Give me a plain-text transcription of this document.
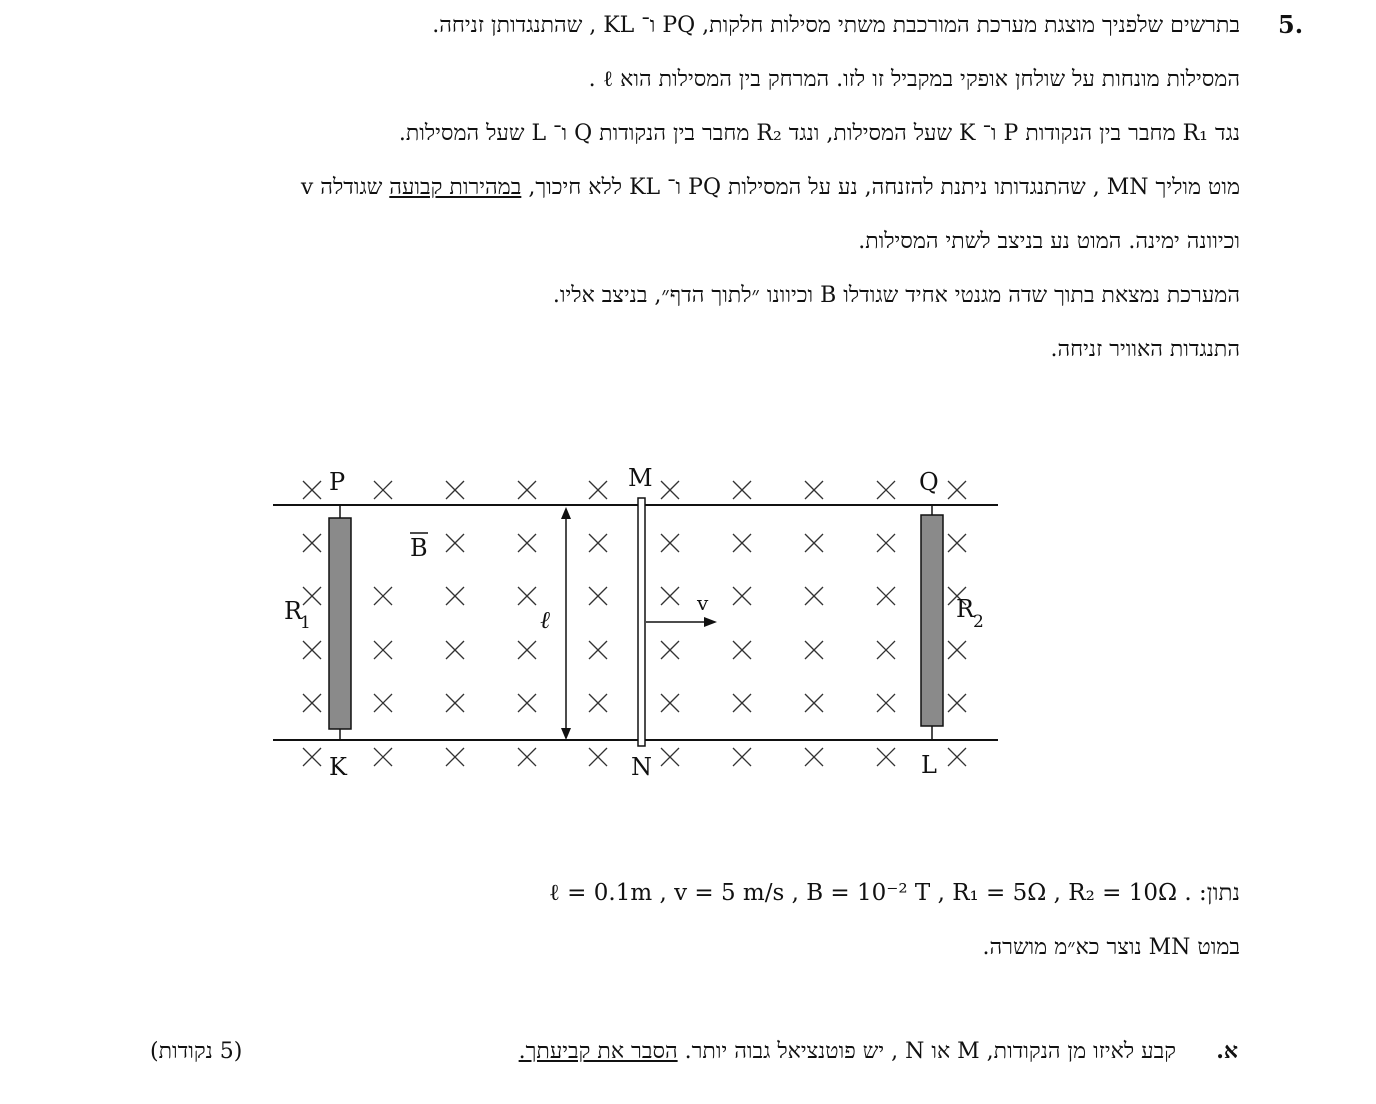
5.
בתרשים שלפניך מוצגת מערכת המורכבת משתי מסילות חלקות, PQ ו־ KL , שהתנגדותן זניחה.
המסילות מונחות על שולחן אופקי במקביל זו לזו. המרחק בין המסילות הוא ℓ .
נגד R₁ מחבר בין הנקודות P ו־ K שעל המסילות, ונגד R₂ מחבר בין הנקודות Q ו־ L שעל המסילות.
מוט מוליך MN , שהתנגדותו ניתנת להזנחה, נע על המסילות PQ ו־ KL ללא חיכוך, במהירות קבועה שגודלה v
וכיוונה ימינה. המוט נע בניצב לשתי המסילות.
המערכת נמצאת בתוך שדה מגנטי אחיד שגודלו B וכיוונו ״לתוך הדף״, בניצב אליו.
התנגדות האוויר זניחה.
P
K
M
N
Q
L
B
R
1	R
2
ℓ
v
נתון: ℓ = 0.1m , v = 5 m/s , B = 10⁻² T , R₁ = 5Ω , R₂ = 10Ω .
במוט MN נוצר כא״מ מושרה.
א.
קבע לאיזו מן הנקודות, M או N , יש פוטנציאל גבוה יותר. הסבר את קביעתך.
(5 נקודות)
